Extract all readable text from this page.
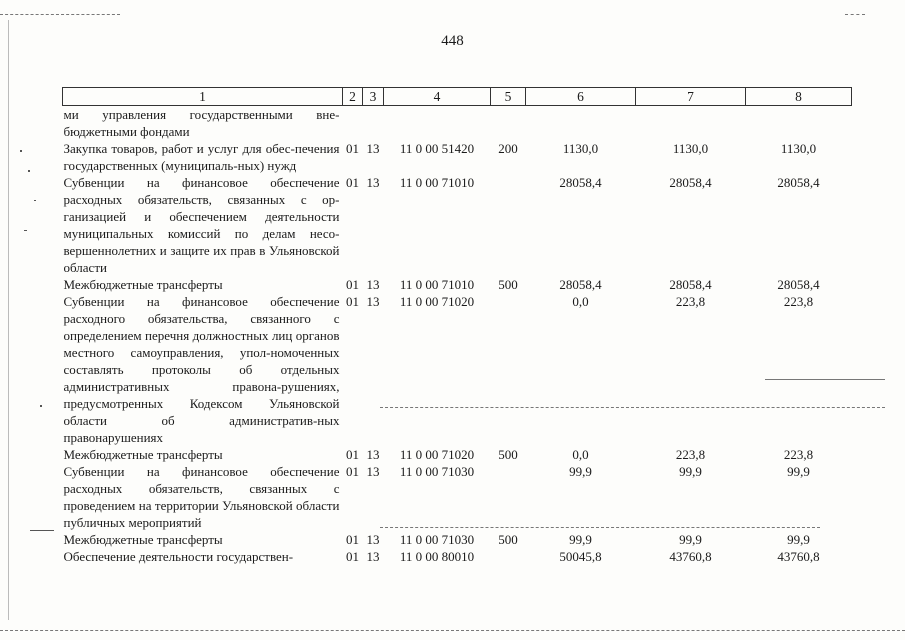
448
1	2	3	4	5	6	7	8
ми управления государственными вне-бюджетными фондами							
Закупка товаров, работ и услуг для обес-печения государственных (муниципаль-ных) нужд	01	13	11 0 00 51420	200	1130,0	1130,0	1130,0
Субвенции на финансовое обеспечение расходных обязательств, связанных с ор-ганизацией и обеспечением деятельности муниципальных комиссий по делам несо-вершеннолетних и защите их прав в Ульяновской области	01	13	11 0 00 71010		28058,4	28058,4	28058,4
Межбюджетные трансферты	01	13	11 0 00 71010	500	28058,4	28058,4	28058,4
Субвенции на финансовое обеспечение расходного обязательства, связанного с определением перечня должностных лиц органов местного самоуправления, упол-номоченных составлять протоколы об отдельных административных правона-рушениях, предусмотренных Кодексом Ульяновской области об административ-ных правонарушениях	01	13	11 0 00 71020		0,0	223,8	223,8
Межбюджетные трансферты	01	13	11 0 00 71020	500	0,0	223,8	223,8
Субвенции на финансовое обеспечение расходных обязательств, связанных с проведением на территории Ульяновской области публичных мероприятий	01	13	11 0 00 71030		99,9	99,9	99,9
Межбюджетные трансферты	01	13	11 0 00 71030	500	99,9	99,9	99,9
Обеспечение деятельности государствен-	01	13	11 0 00 80010		50045,8	43760,8	43760,8
